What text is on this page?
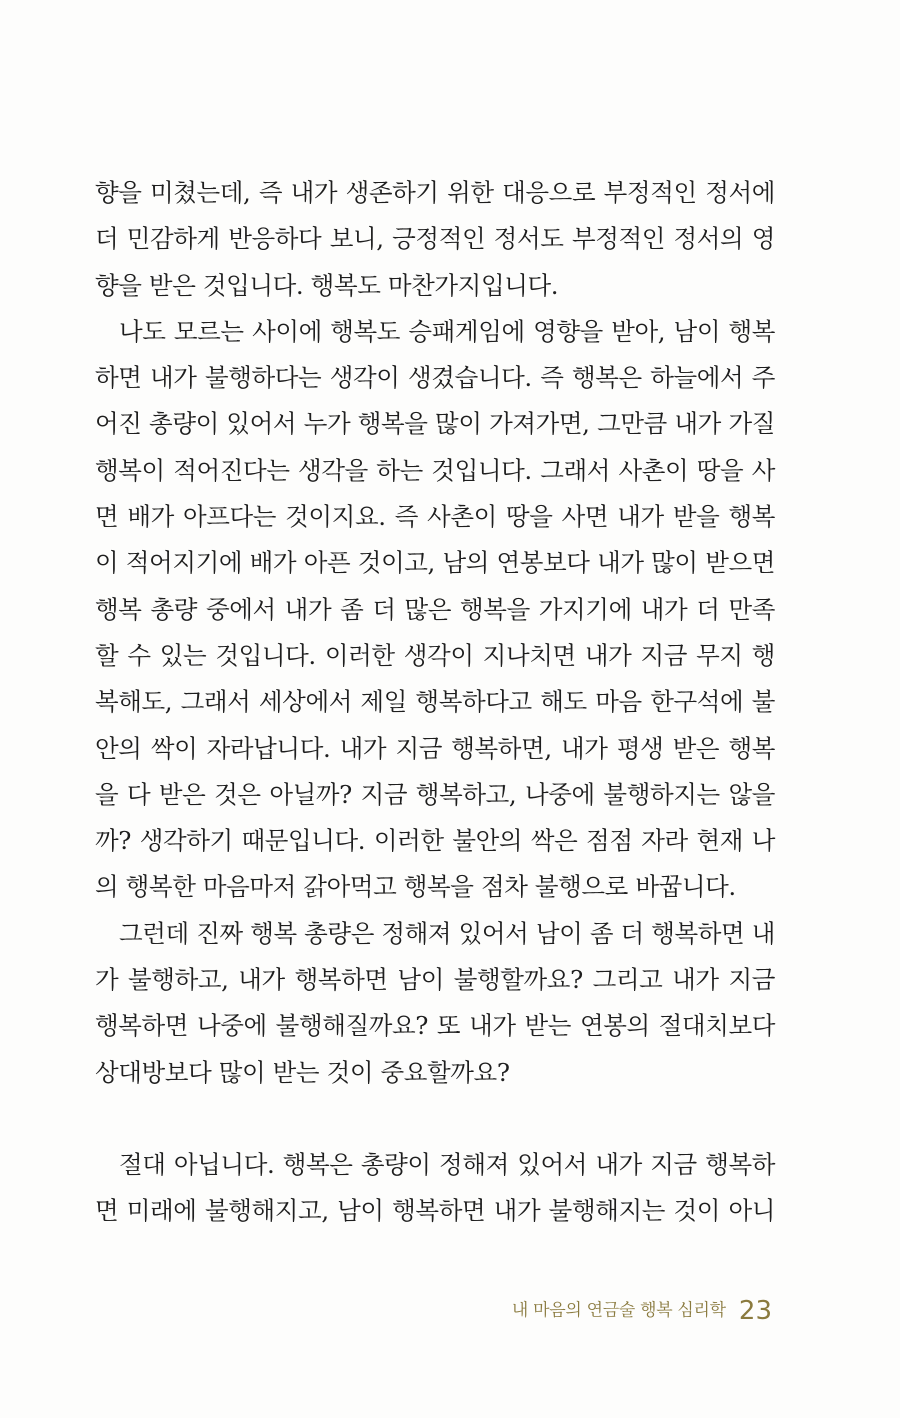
향을 미쳤는데, 즉 내가 생존하기 위한 대응으로 부정적인 정서에
더 민감하게 반응하다 보니, 긍정적인 정서도 부정적인 정서의 영
향을 받은 것입니다. 행복도 마찬가지입니다.
나도 모르는 사이에 행복도 승패게임에 영향을 받아, 남이 행복
하면 내가 불행하다는 생각이 생겼습니다. 즉 행복은 하늘에서 주
어진 총량이 있어서 누가 행복을 많이 가져가면, 그만큼 내가 가질
행복이 적어진다는 생각을 하는 것입니다. 그래서 사촌이 땅을 사
면 배가 아프다는 것이지요. 즉 사촌이 땅을 사면 내가 받을 행복
이 적어지기에 배가 아픈 것이고, 남의 연봉보다 내가 많이 받으면
행복 총량 중에서 내가 좀 더 많은 행복을 가지기에 내가 더 만족
할 수 있는 것입니다. 이러한 생각이 지나치면 내가 지금 무지 행
복해도, 그래서 세상에서 제일 행복하다고 해도 마음 한구석에 불
안의 싹이 자라납니다. 내가 지금 행복하면, 내가 평생 받은 행복
을 다 받은 것은 아닐까? 지금 행복하고, 나중에 불행하지는 않을
까? 생각하기 때문입니다. 이러한 불안의 싹은 점점 자라 현재 나
의 행복한 마음마저 갉아먹고 행복을 점차 불행으로 바꿉니다.
그런데 진짜 행복 총량은 정해져 있어서 남이 좀 더 행복하면 내
가 불행하고, 내가 행복하면 남이 불행할까요? 그리고 내가 지금
행복하면 나중에 불행해질까요? 또 내가 받는 연봉의 절대치보다
상대방보다 많이 받는 것이 중요할까요?
절대 아닙니다. 행복은 총량이 정해져 있어서 내가 지금 행복하
면 미래에 불행해지고, 남이 행복하면 내가 불행해지는 것이 아니
내 마음의 연금술 행복 심리학 23
